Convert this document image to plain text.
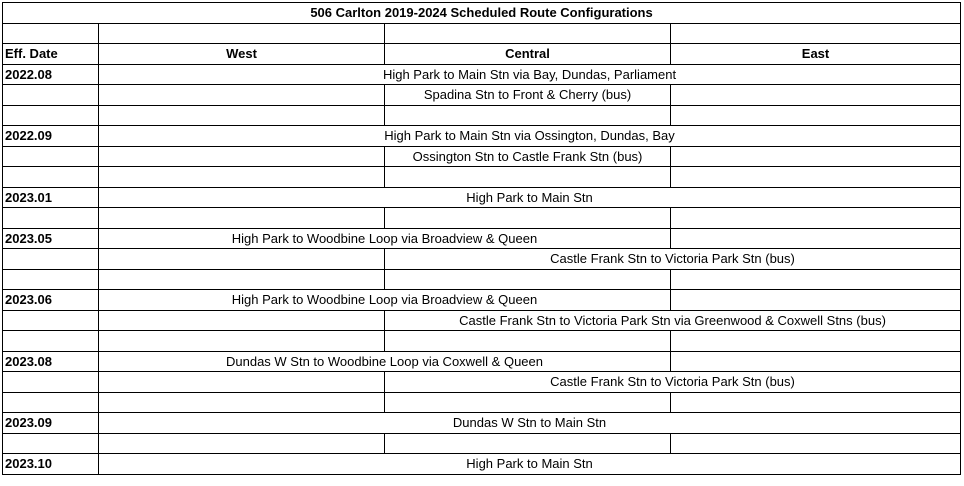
506 Carlton 2019-2024 Scheduled Route Configurations			

Eff. Date	West	Central	East
2022.08	High Park to Main Stn via Bay, Dundas, Parliament		
		Spadina Stn to Front & Cherry (bus)	

2022.09	High Park to Main Stn via Ossington, Dundas, Bay		
		Ossington Stn to Castle Frank Stn (bus)	

2023.01	High Park to Main Stn		

2023.05	High Park to Woodbine Loop via Broadview & Queen		
		Castle Frank Stn to Victoria Park Stn (bus)	

2023.06	High Park to Woodbine Loop via Broadview & Queen		
		Castle Frank Stn to Victoria Park Stn via Greenwood & Coxwell Stns (bus)	

2023.08	Dundas W Stn to Woodbine Loop via Coxwell & Queen		
		Castle Frank Stn to Victoria Park Stn (bus)	

2023.09	Dundas W Stn to Main Stn		

2023.10	High Park to Main Stn		
